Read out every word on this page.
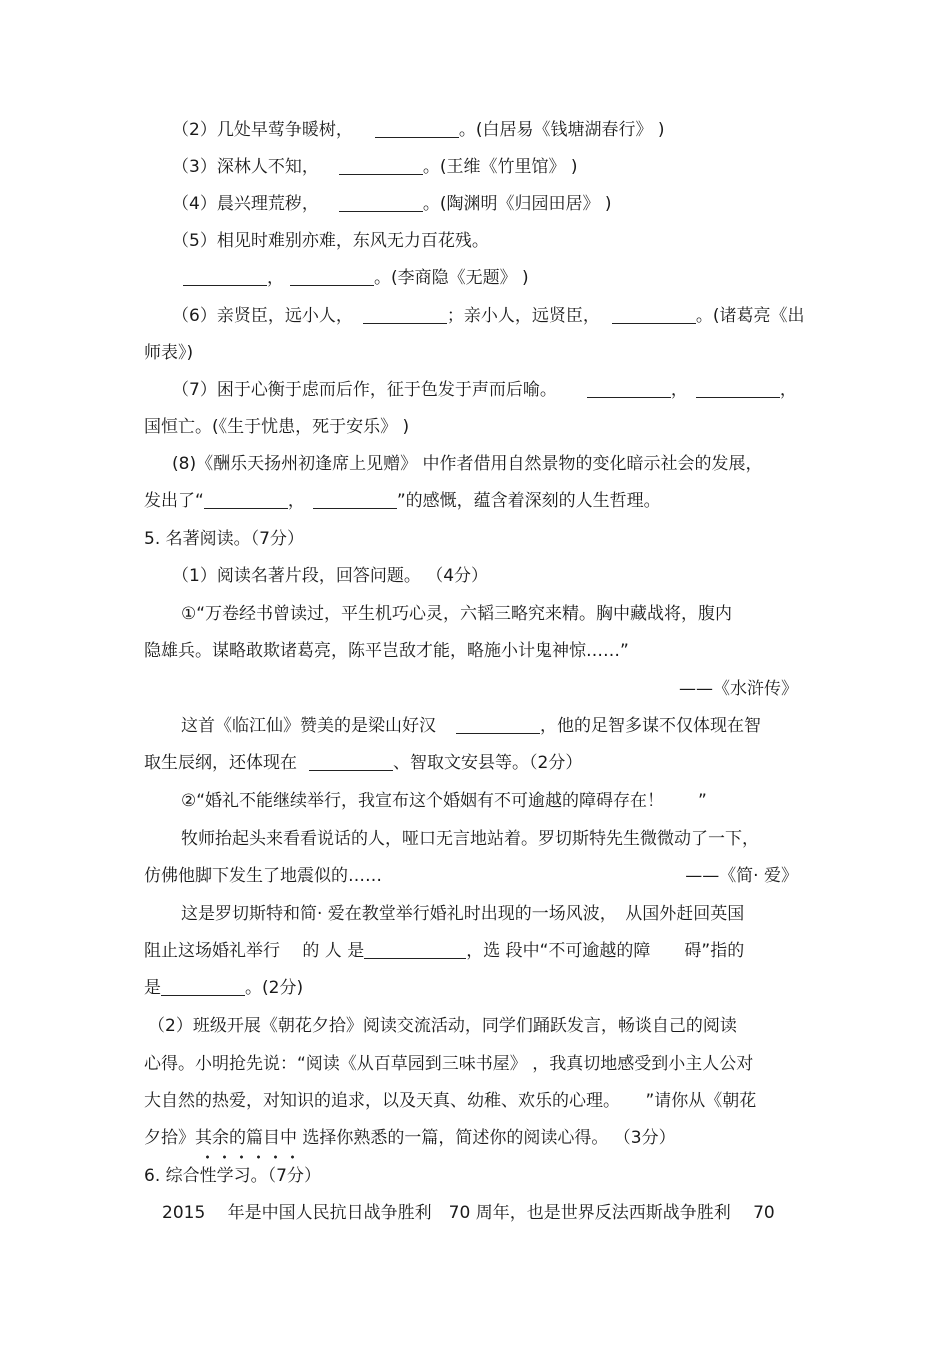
（2）几处早莺争暖树，	。(白居易《钱塘湖春行》 )
（3）深林人不知，	。(王维《竹里馆》 )
（4）晨兴理荒秽，	。(陶渊明《归园田居》 )
（5）相见时难别亦难，东风无力百花残。
，	。(李商隐《无题》 )
（6）亲贤臣，远小人，	；亲小人，远贤臣，	。(诸葛亮《出
师表》)
（7）困于心衡于虑而后作，征于色发于声而后喻。	，	，
国恒亡。(《生于忧患，死于安乐》 )
(8)《酬乐天扬州初逢席上见赠》 中作者借用自然景物的变化暗示社会的发展，
发出了“	，	”的感慨，蕴含着深刻的人生哲理。
5. 名著阅读。（7分）
（1）阅读名著片段，回答问题。 （4分）
①“万卷经书曾读过，平生机巧心灵，六韬三略究来精。胸中藏战将，腹内
隐雄兵。谋略敢欺诸葛亮，陈平岂敌才能，略施小计鬼神惊……”
——《水浒传》
这首《临江仙》赞美的是梁山好汉	，他的足智多谋不仅体现在智
取生辰纲，还体现在	、智取文安县等。（2分）
②“婚礼不能继续举行，我宣布这个婚姻有不可逾越的障碍存在！　　”
牧师抬起头来看看说话的人，哑口无言地站着。罗切斯特先生微微动了一下，
仿佛他脚下发生了地震似的……	——《简· 爱》
这是罗切斯特和简· 爱在教堂举行婚礼时出现的一场风波，　从国外赶回英国
阻止这场婚礼举行　 的 人 是	，选 段中“不可逾越的障　　碍”指的
是	。(2分)
（2）班级开展《朝花夕拾》阅读交流活动，同学们踊跃发言，畅谈自己的阅读
心得。小明抢先说：“阅读《从百草园到三味书屋》 ，我真切地感受到小主人公对
大自然的热爱，对知识的追求，以及天真、幼稚、欢乐的心理。　　”请你从《朝花
夕拾》其余的篇目中
选择你熟悉的一篇，简述你的阅读心得。 （3分）
6. 综合性学习。（7分）
2015　 年是中国人民抗日战争胜利　70 周年，也是世界反法西斯战争胜利　 70
